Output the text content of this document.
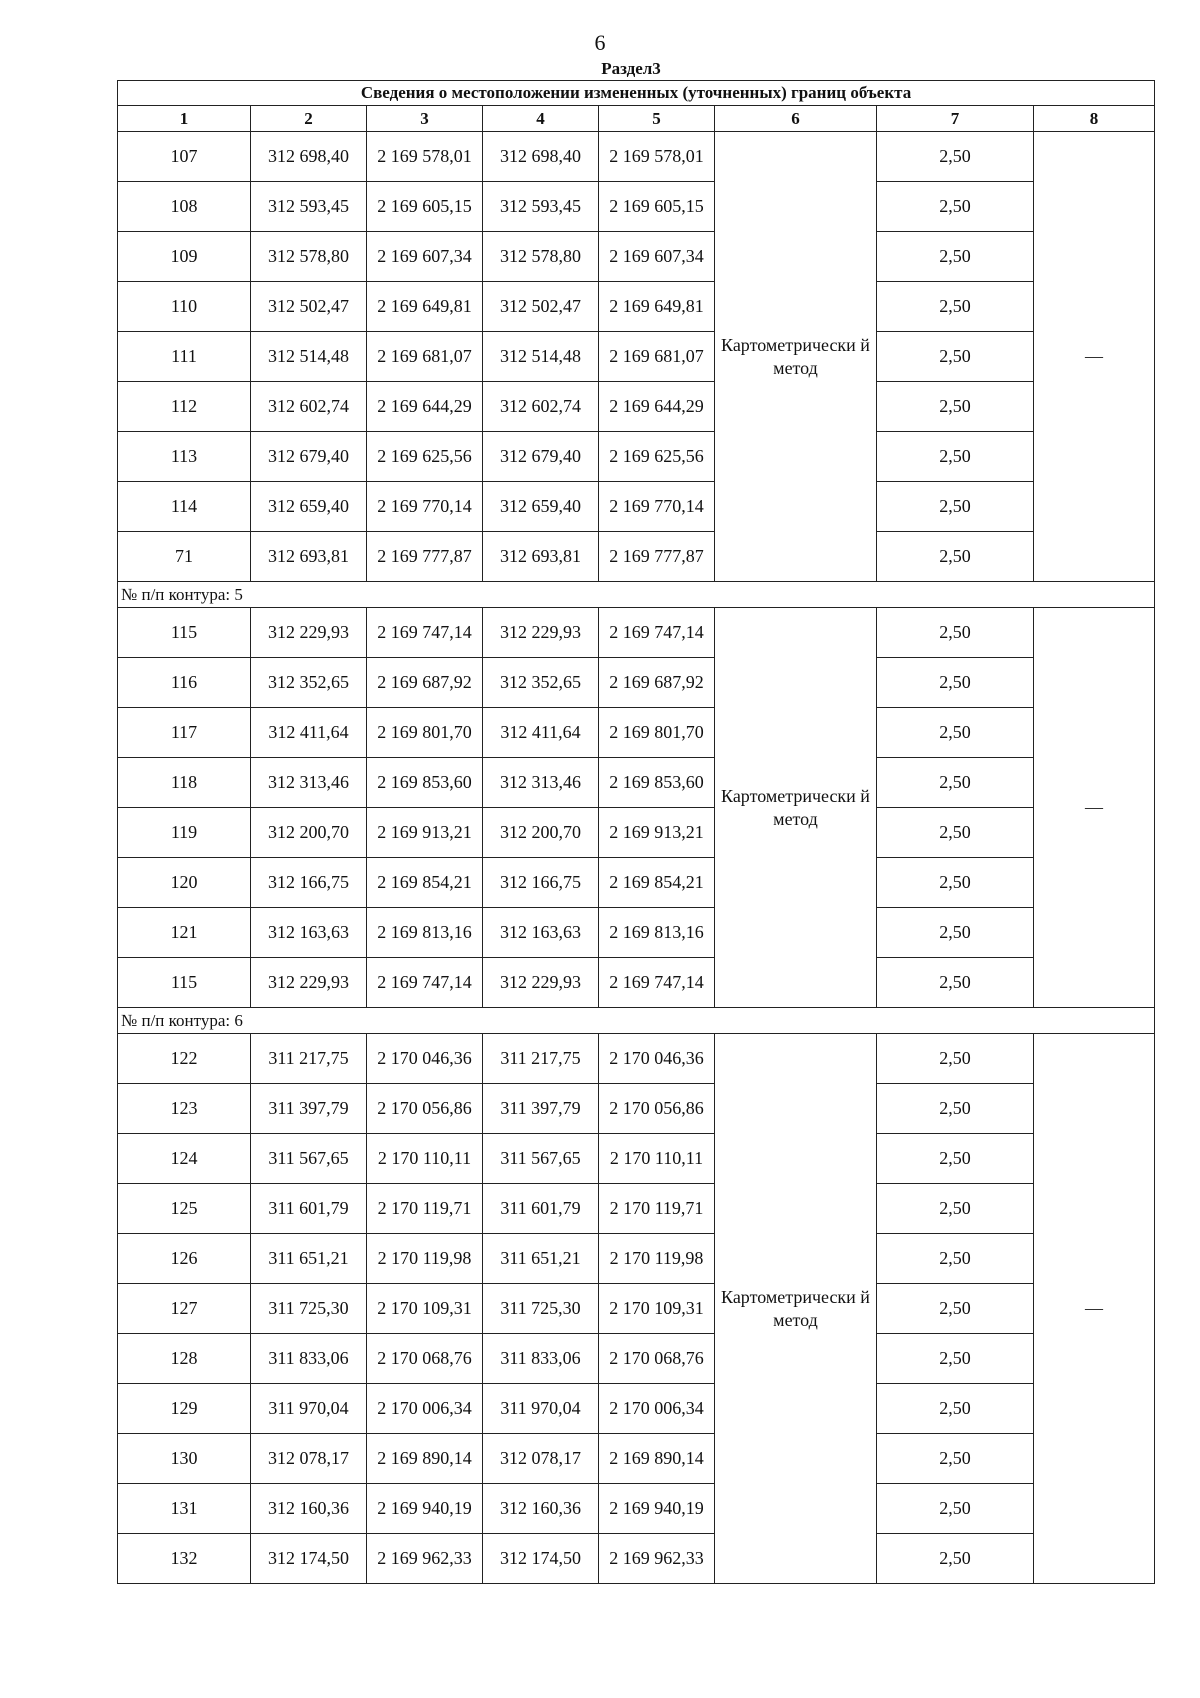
6
Раздел3
Сведения о местоположении измененных (уточненных) границ объекта							
1	2	3	4	5	6	7	8
107	312 698,40	2 169 578,01	312 698,40	2 169 578,01	Картометрически й метод	2,50	—
108	312 593,45	2 169 605,15	312 593,45	2 169 605,15		2,50	
109	312 578,80	2 169 607,34	312 578,80	2 169 607,34		2,50	
110	312 502,47	2 169 649,81	312 502,47	2 169 649,81		2,50	
111	312 514,48	2 169 681,07	312 514,48	2 169 681,07		2,50	
112	312 602,74	2 169 644,29	312 602,74	2 169 644,29		2,50	
113	312 679,40	2 169 625,56	312 679,40	2 169 625,56		2,50	
114	312 659,40	2 169 770,14	312 659,40	2 169 770,14		2,50	
71	312 693,81	2 169 777,87	312 693,81	2 169 777,87		2,50	
№ п/п контура: 5							
115	312 229,93	2 169 747,14	312 229,93	2 169 747,14	Картометрически й метод	2,50	—
116	312 352,65	2 169 687,92	312 352,65	2 169 687,92		2,50	
117	312 411,64	2 169 801,70	312 411,64	2 169 801,70		2,50	
118	312 313,46	2 169 853,60	312 313,46	2 169 853,60		2,50	
119	312 200,70	2 169 913,21	312 200,70	2 169 913,21		2,50	
120	312 166,75	2 169 854,21	312 166,75	2 169 854,21		2,50	
121	312 163,63	2 169 813,16	312 163,63	2 169 813,16		2,50	
115	312 229,93	2 169 747,14	312 229,93	2 169 747,14		2,50	
№ п/п контура: 6							
122	311 217,75	2 170 046,36	311 217,75	2 170 046,36	Картометрически й метод	2,50	—
123	311 397,79	2 170 056,86	311 397,79	2 170 056,86		2,50	
124	311 567,65	2 170 110,11	311 567,65	2 170 110,11		2,50	
125	311 601,79	2 170 119,71	311 601,79	2 170 119,71		2,50	
126	311 651,21	2 170 119,98	311 651,21	2 170 119,98		2,50	
127	311 725,30	2 170 109,31	311 725,30	2 170 109,31		2,50	
128	311 833,06	2 170 068,76	311 833,06	2 170 068,76		2,50	
129	311 970,04	2 170 006,34	311 970,04	2 170 006,34		2,50	
130	312 078,17	2 169 890,14	312 078,17	2 169 890,14		2,50	
131	312 160,36	2 169 940,19	312 160,36	2 169 940,19		2,50	
132	312 174,50	2 169 962,33	312 174,50	2 169 962,33		2,50	
